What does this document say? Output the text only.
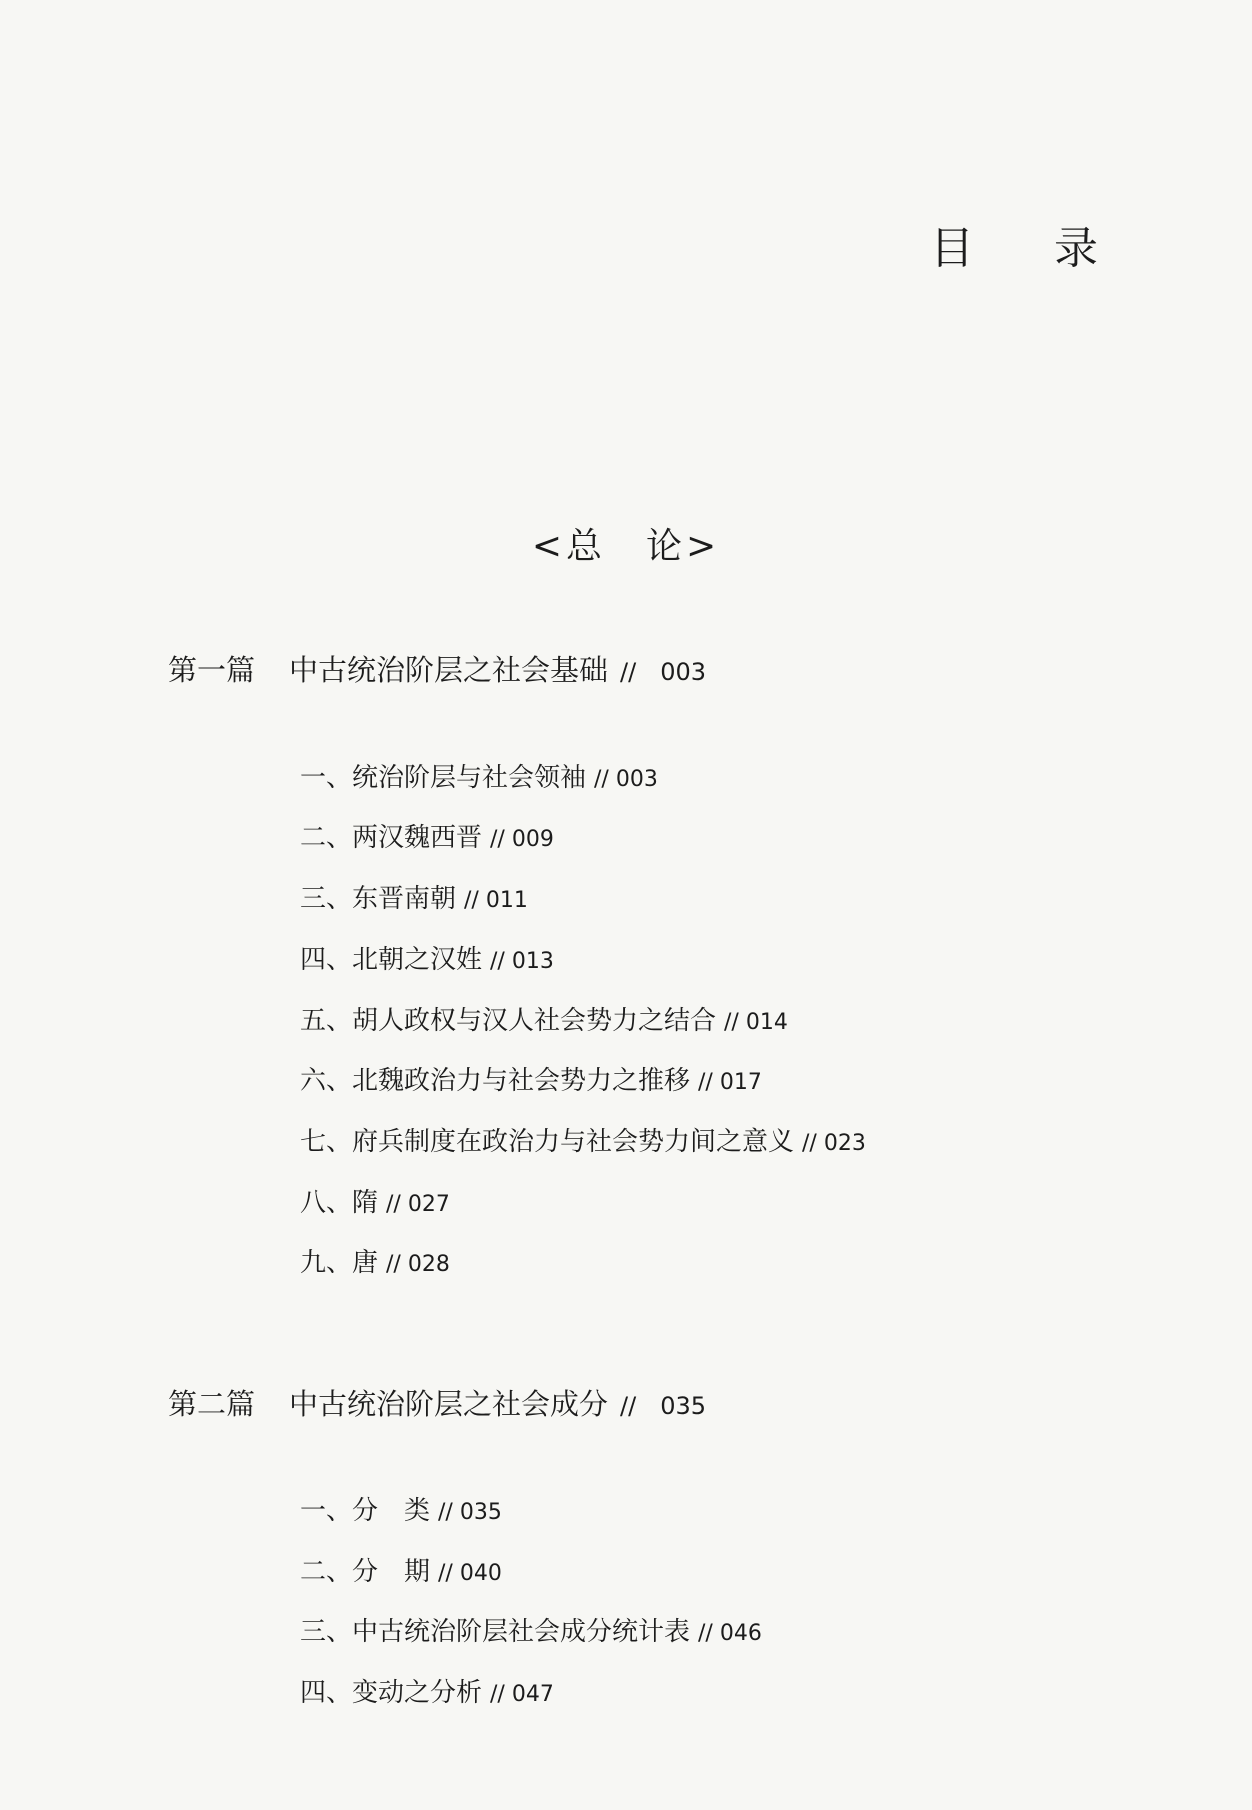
目　录
<总　论>
第一篇 中古统治阶层之社会基础 //　003
一、统治阶层与社会领袖 // 003
二、两汉魏西晋 // 009
三、东晋南朝 // 011
四、北朝之汉姓 // 013
五、胡人政权与汉人社会势力之结合 // 014
六、北魏政治力与社会势力之推移 // 017
七、府兵制度在政治力与社会势力间之意义 // 023
八、隋 // 027
九、唐 // 028
第二篇 中古统治阶层之社会成分 //　035
一、分　类 // 035
二、分　期 // 040
三、中古统治阶层社会成分统计表 // 046
四、变动之分析 // 047
